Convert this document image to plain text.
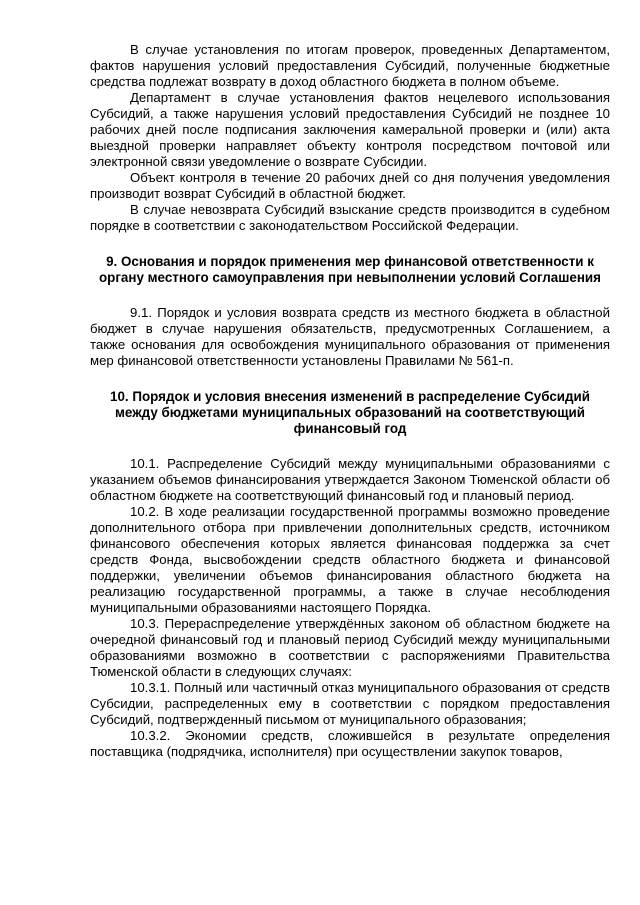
В случае установления по итогам проверок, проведенных Департаментом, фактов нарушения условий предоставления Субсидий, полученные бюджетные средства подлежат возврату в доход областного бюджета в полном объеме.

Департамент в случае установления фактов нецелевого использования Субсидий, а также нарушения условий предоставления Субсидий не позднее 10 рабочих дней после подписания заключения камеральной проверки и (или) акта выездной проверки направляет объекту контроля посредством почтовой или электронной связи уведомление о возврате Субсидии.

Объект контроля в течение 20 рабочих дней со дня получения уведомления производит возврат Субсидий в областной бюджет.

В случае невозврата Субсидий взыскание средств производится в судебном порядке в соответствии с законодательством Российской Федерации.

9. Основания и порядок применения мер финансовой ответственности к органу местного самоуправления при невыполнении условий Соглашения

9.1. Порядок и условия возврата средств из местного бюджета в областной бюджет в случае нарушения обязательств, предусмотренных Соглашением, а также основания для освобождения муниципального образования от применения мер финансовой ответственности установлены Правилами № 561-п.

10. Порядок и условия внесения изменений в распределение Субсидий между бюджетами муниципальных образований на соответствующий финансовый год

10.1. Распределение Субсидий между муниципальными образованиями с указанием объемов финансирования утверждается Законом Тюменской области об областном бюджете на соответствующий финансовый год и плановый период.

10.2. В ходе реализации государственной программы возможно проведение дополнительного отбора при привлечении дополнительных средств, источником финансового обеспечения которых является финансовая поддержка за счет средств Фонда, высвобождении средств областного бюджета и финансовой поддержки, увеличении объемов финансирования областного бюджета на реализацию государственной программы, а также в случае несоблюдения муниципальными образованиями настоящего Порядка.

10.3. Перераспределение утверждённых законом об областном бюджете на очередной финансовый год и плановый период Субсидий между муниципальными образованиями возможно в соответствии с распоряжениями Правительства Тюменской области в следующих случаях:

10.3.1. Полный или частичный отказ муниципального образования от средств Субсидии, распределенных ему в соответствии с порядком предоставления Субсидий, подтвержденный письмом от муниципального образования;

10.3.2. Экономии средств, сложившейся в результате определения поставщика (подрядчика, исполнителя) при осуществлении закупок товаров,
